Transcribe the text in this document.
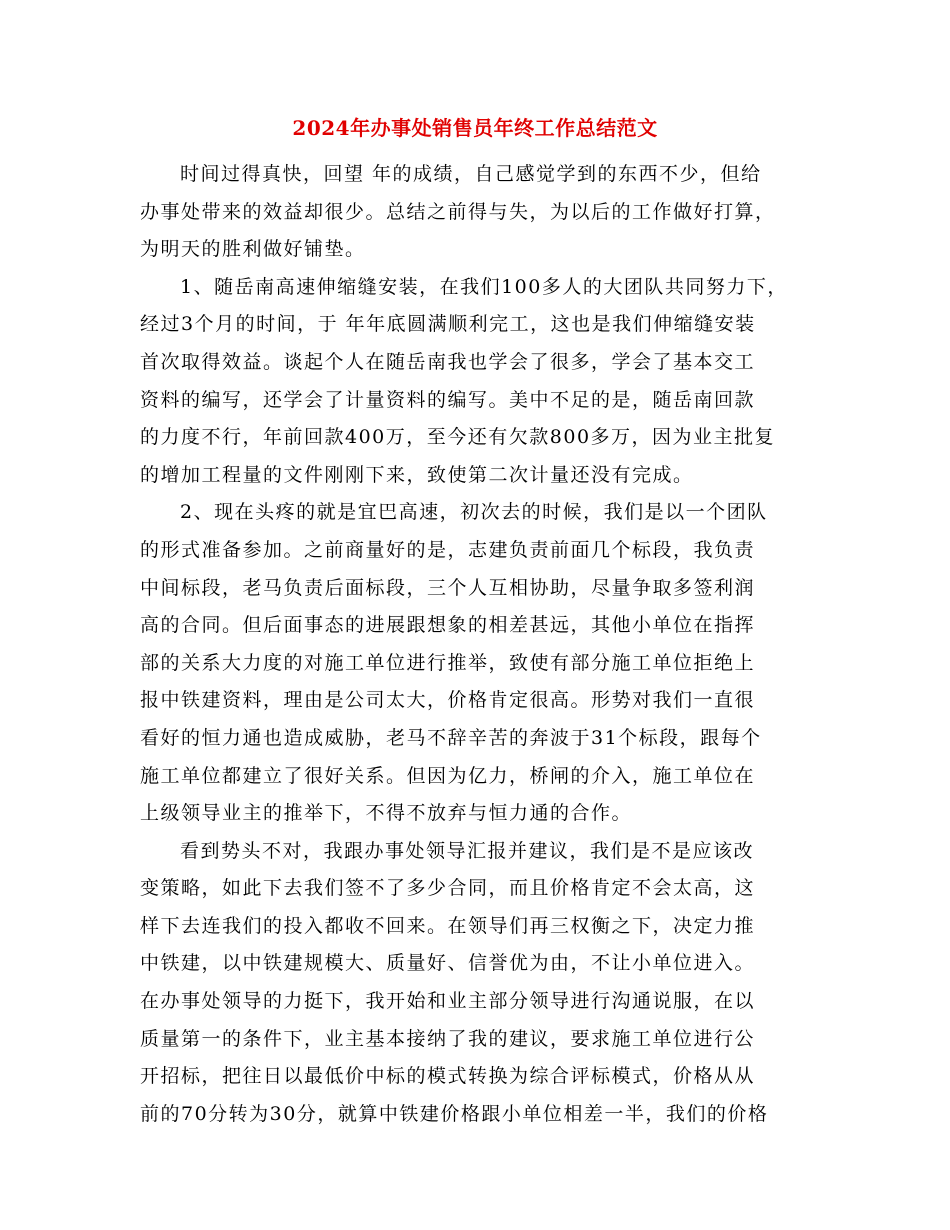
2024年办事处销售员年终工作总结范文
时间过得真快，回望 年的成绩，自己感觉学到的东西不少，但给
办事处带来的效益却很少。总结之前得与失，为以后的工作做好打算，
为明天的胜利做好铺垫。
1、随岳南高速伸缩缝安装，在我们100多人的大团队共同努力下，
经过3个月的时间，于 年年底圆满顺利完工，这也是我们伸缩缝安装
首次取得效益。谈起个人在随岳南我也学会了很多，学会了基本交工
资料的编写，还学会了计量资料的编写。美中不足的是，随岳南回款
的力度不行，年前回款400万，至今还有欠款800多万，因为业主批复
的增加工程量的文件刚刚下来，致使第二次计量还没有完成。
2、现在头疼的就是宜巴高速，初次去的时候，我们是以一个团队
的形式准备参加。之前商量好的是，志建负责前面几个标段，我负责
中间标段，老马负责后面标段，三个人互相协助，尽量争取多签利润
高的合同。但后面事态的进展跟想象的相差甚远，其他小单位在指挥
部的关系大力度的对施工单位进行推举，致使有部分施工单位拒绝上
报中铁建资料，理由是公司太大，价格肯定很高。形势对我们一直很
看好的恒力通也造成威胁，老马不辞辛苦的奔波于31个标段，跟每个
施工单位都建立了很好关系。但因为亿力，桥闸的介入，施工单位在
上级领导业主的推举下，不得不放弃与恒力通的合作。
看到势头不对，我跟办事处领导汇报并建议，我们是不是应该改
变策略，如此下去我们签不了多少合同，而且价格肯定不会太高，这
样下去连我们的投入都收不回来。在领导们再三权衡之下，决定力推
中铁建，以中铁建规模大、质量好、信誉优为由，不让小单位进入。
在办事处领导的力挺下，我开始和业主部分领导进行沟通说服，在以
质量第一的条件下，业主基本接纳了我的建议，要求施工单位进行公
开招标，把往日以最低价中标的模式转换为综合评标模式，价格从从
前的70分转为30分，就算中铁建价格跟小单位相差一半，我们的价格
